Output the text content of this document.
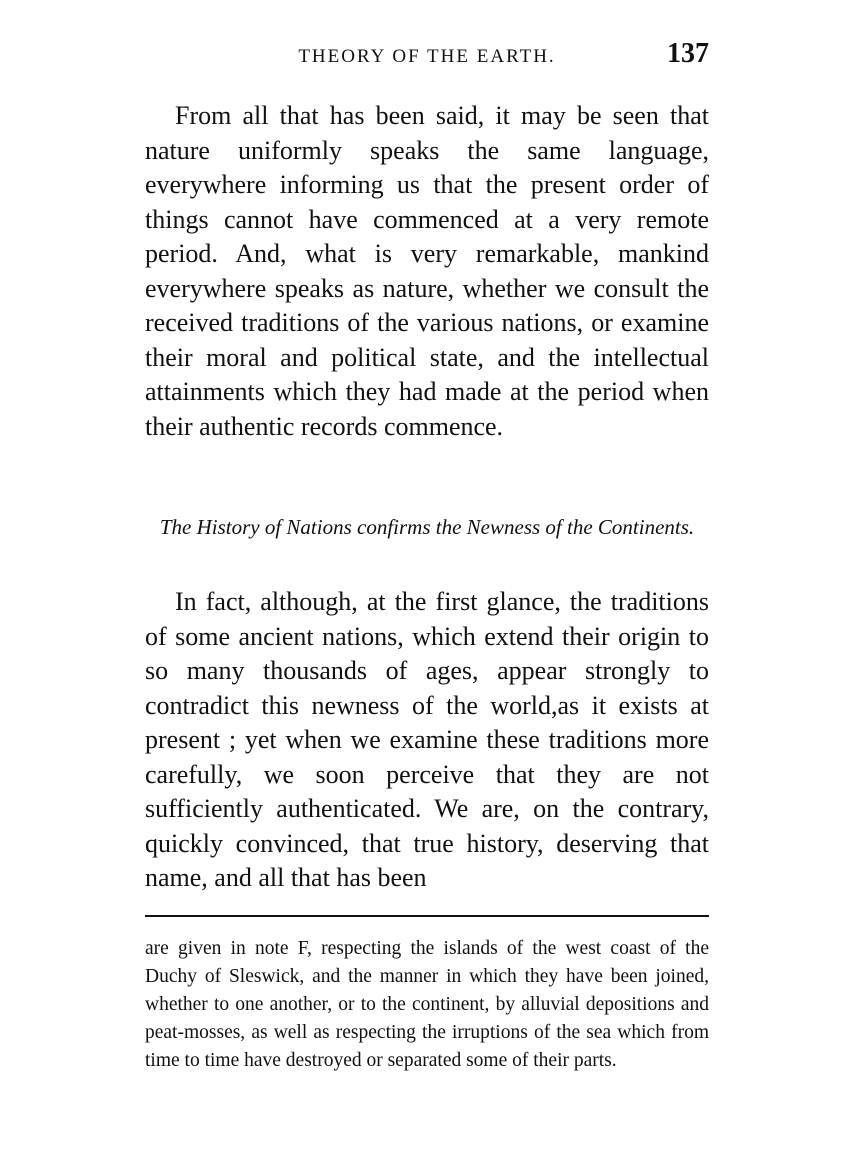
THEORY OF THE EARTH.	137

From all that has been said, it may be seen that nature uniformly speaks the same language, everywhere informing us that the present order of things cannot have commenced at a very remote period. And, what is very remarkable, mankind everywhere speaks as nature, whether we consult the received traditions of the various nations, or examine their moral and political state, and the intellectual attainments which they had made at the period when their authentic records commence.

The History of Nations confirms the Newness of the Continents.

In fact, although, at the first glance, the traditions of some ancient nations, which extend their origin to so many thousands of ages, appear strongly to contradict this newness of the world,as it exists at present ; yet when we examine these traditions more carefully, we soon perceive that they are not sufficiently authenticated. We are, on the contrary, quickly convinced, that true history, deserving that name, and all that has been

are given in note F, respecting the islands of the west coast of the Duchy of Sleswick, and the manner in which they have been joined, whether to one another, or to the continent, by alluvial depositions and peat-mosses, as well as respecting the irruptions of the sea which from time to time have destroyed or separated some of their parts.
